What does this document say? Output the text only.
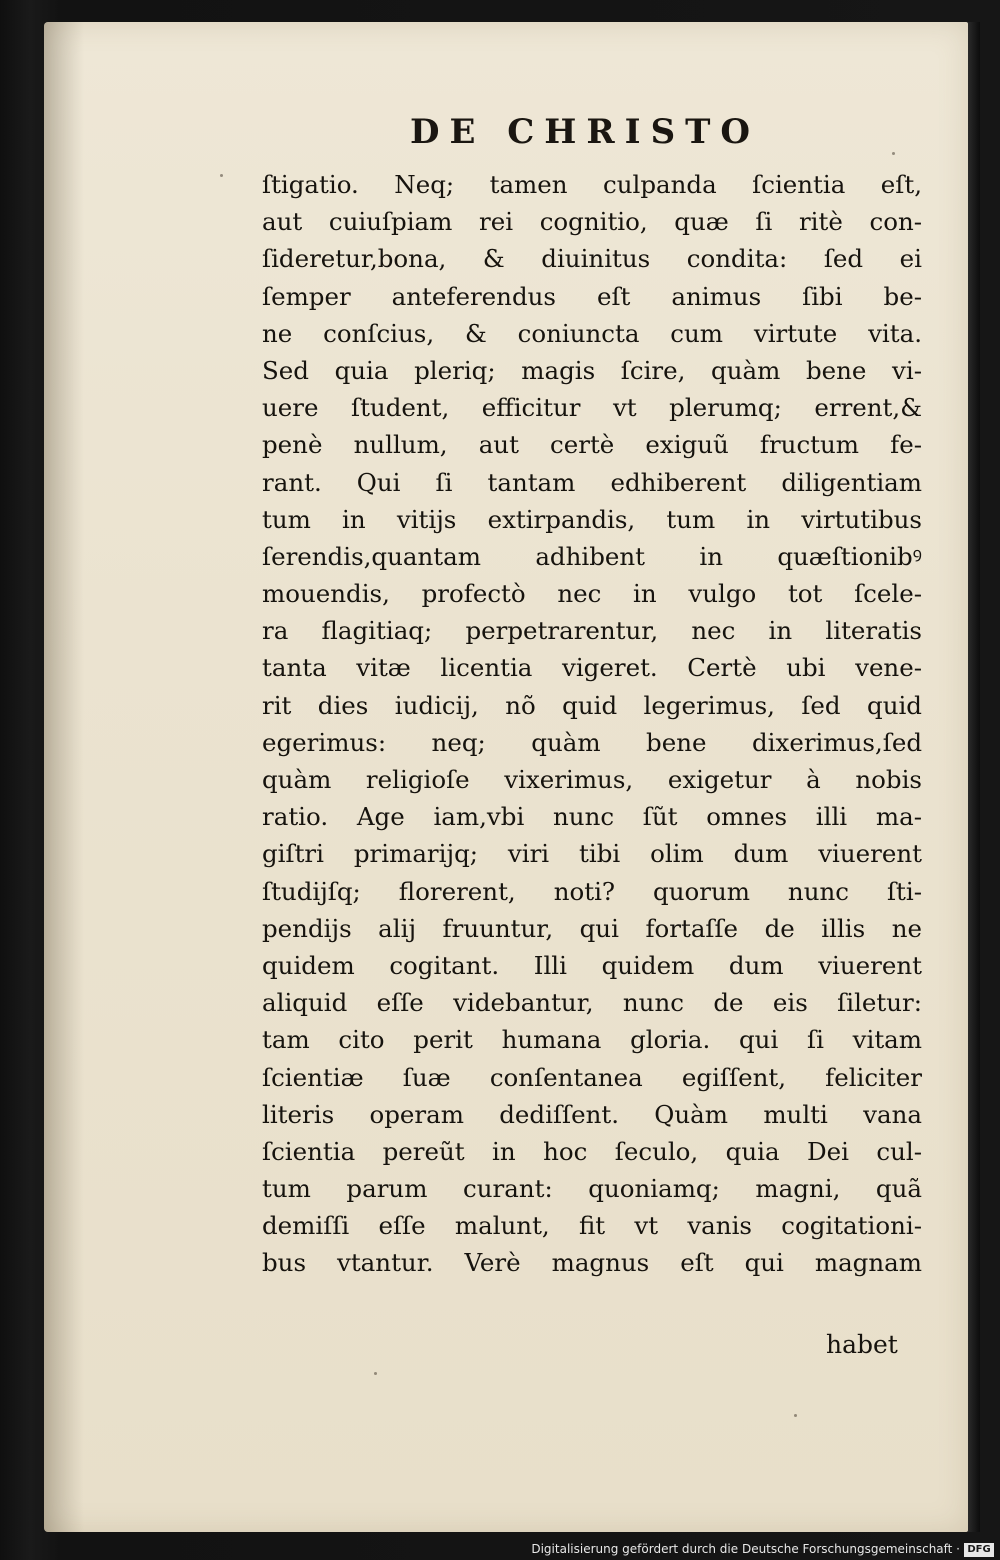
DE CHRISTO
ſtigatio. Neq; tamen culpanda ſcientia eſt,
aut cuiuſpiam rei cognitio, quæ ſi ritè con-
ſideretur,bona, & diuinitus condita: ſed ei
ſemper anteferendus eſt animus ſibi be-
ne conſcius, & coniuncta cum virtute vita.
Sed quia pleriq; magis ſcire, quàm bene vi-
uere ſtudent, efficitur vt plerumq; errent,&
penè nullum, aut certè exiguũ fructum fe-
rant. Qui ſi tantam edhiberent diligentiam
tum in vitijs extirpandis, tum in virtutibus
ſerendis,quantam adhibent in quæſtionibꝰ
mouendis, profectò nec in vulgo tot ſcele-
ra flagitiaq; perpetrarentur, nec in literatis
tanta vitæ licentia vigeret. Certè ubi vene-
rit dies iudicij, nõ quid legerimus, ſed quid
egerimus: neq; quàm bene dixerimus,ſed
quàm religioſe vixerimus, exigetur à nobis
ratio. Age iam,vbi nunc ſũt omnes illi ma-
giſtri primarijq; viri tibi olim dum viuerent
ſtudijſq; florerent, noti? quorum nunc ſti-
pendijs alij fruuntur, qui fortaſſe de illis ne
quidem cogitant. Illi quidem dum viuerent
aliquid eſſe videbantur, nunc de eis ſiletur:
tam cito perit humana gloria. qui ſi vitam
ſcientiæ ſuæ conſentanea egiſſent, feliciter
literis operam dediſſent. Quàm multi vana
ſcientia pereũt in hoc ſeculo, quia Dei cul-
tum parum curant: quoniamq; magni, quã
demiſſi eſſe malunt, fit vt vanis cogitationi-
bus vtantur. Verè magnus eſt qui magnam
habet
Digitalisierung gefördert durch die Deutsche Forschungsgemeinschaft · DFG
